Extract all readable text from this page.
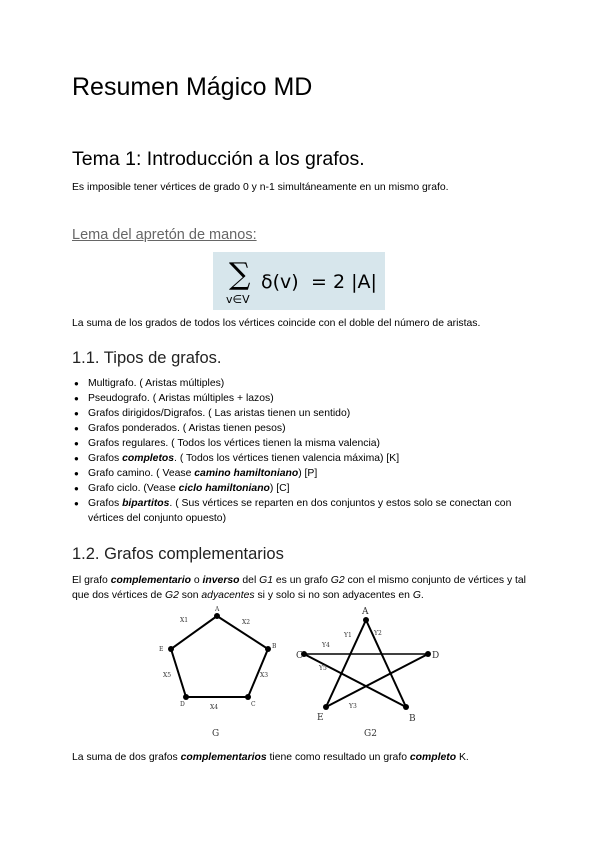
Resumen Mágico MD
Tema 1: Introducción a los grafos.
Es imposible tener vértices de grado 0 y n-1 simultáneamente en un mismo grafo.
Lema del apretón de manos:
∑
v∈V
δ(v) = 2 |A|
La suma de los grados de todos los vértices coincide con el doble del número de aristas.
1.1. Tipos de grafos.
● Multigrafo. ( Aristas múltiples)
● Pseudografo. ( Aristas múltiples + lazos)
● Grafos dirigidos/Digrafos. ( Las aristas tienen un sentido)
● Grafos ponderados. ( Aristas tienen pesos)
● Grafos regulares. ( Todos los vértices tienen la misma valencia)
● Grafos completos. ( Todos los vértices tienen valencia máxima) [K]
● Grafo camino. ( Vease camino hamiltoniano) [P]
● Grafo ciclo. (Vease ciclo hamiltoniano) [C]
● Grafos bipartitos. ( Sus vértices se reparten en dos conjuntos y estos solo se conectan con vértices del conjunto opuesto)
1.2. Grafos complementarios
El grafo complementario o inverso del G1 es un grafo G2 con el mismo conjunto de vértices y tal que dos vértices de G2 son adyacentes si y solo si no son adyacentes en G.
A
B
C
D
E
X1	X2
X3
X4
X5
G
A
B
C	D
E
Y1	Y2
Y3
Y4
Y5
G2
La suma de dos grafos complementarios tiene como resultado un grafo completo K.
